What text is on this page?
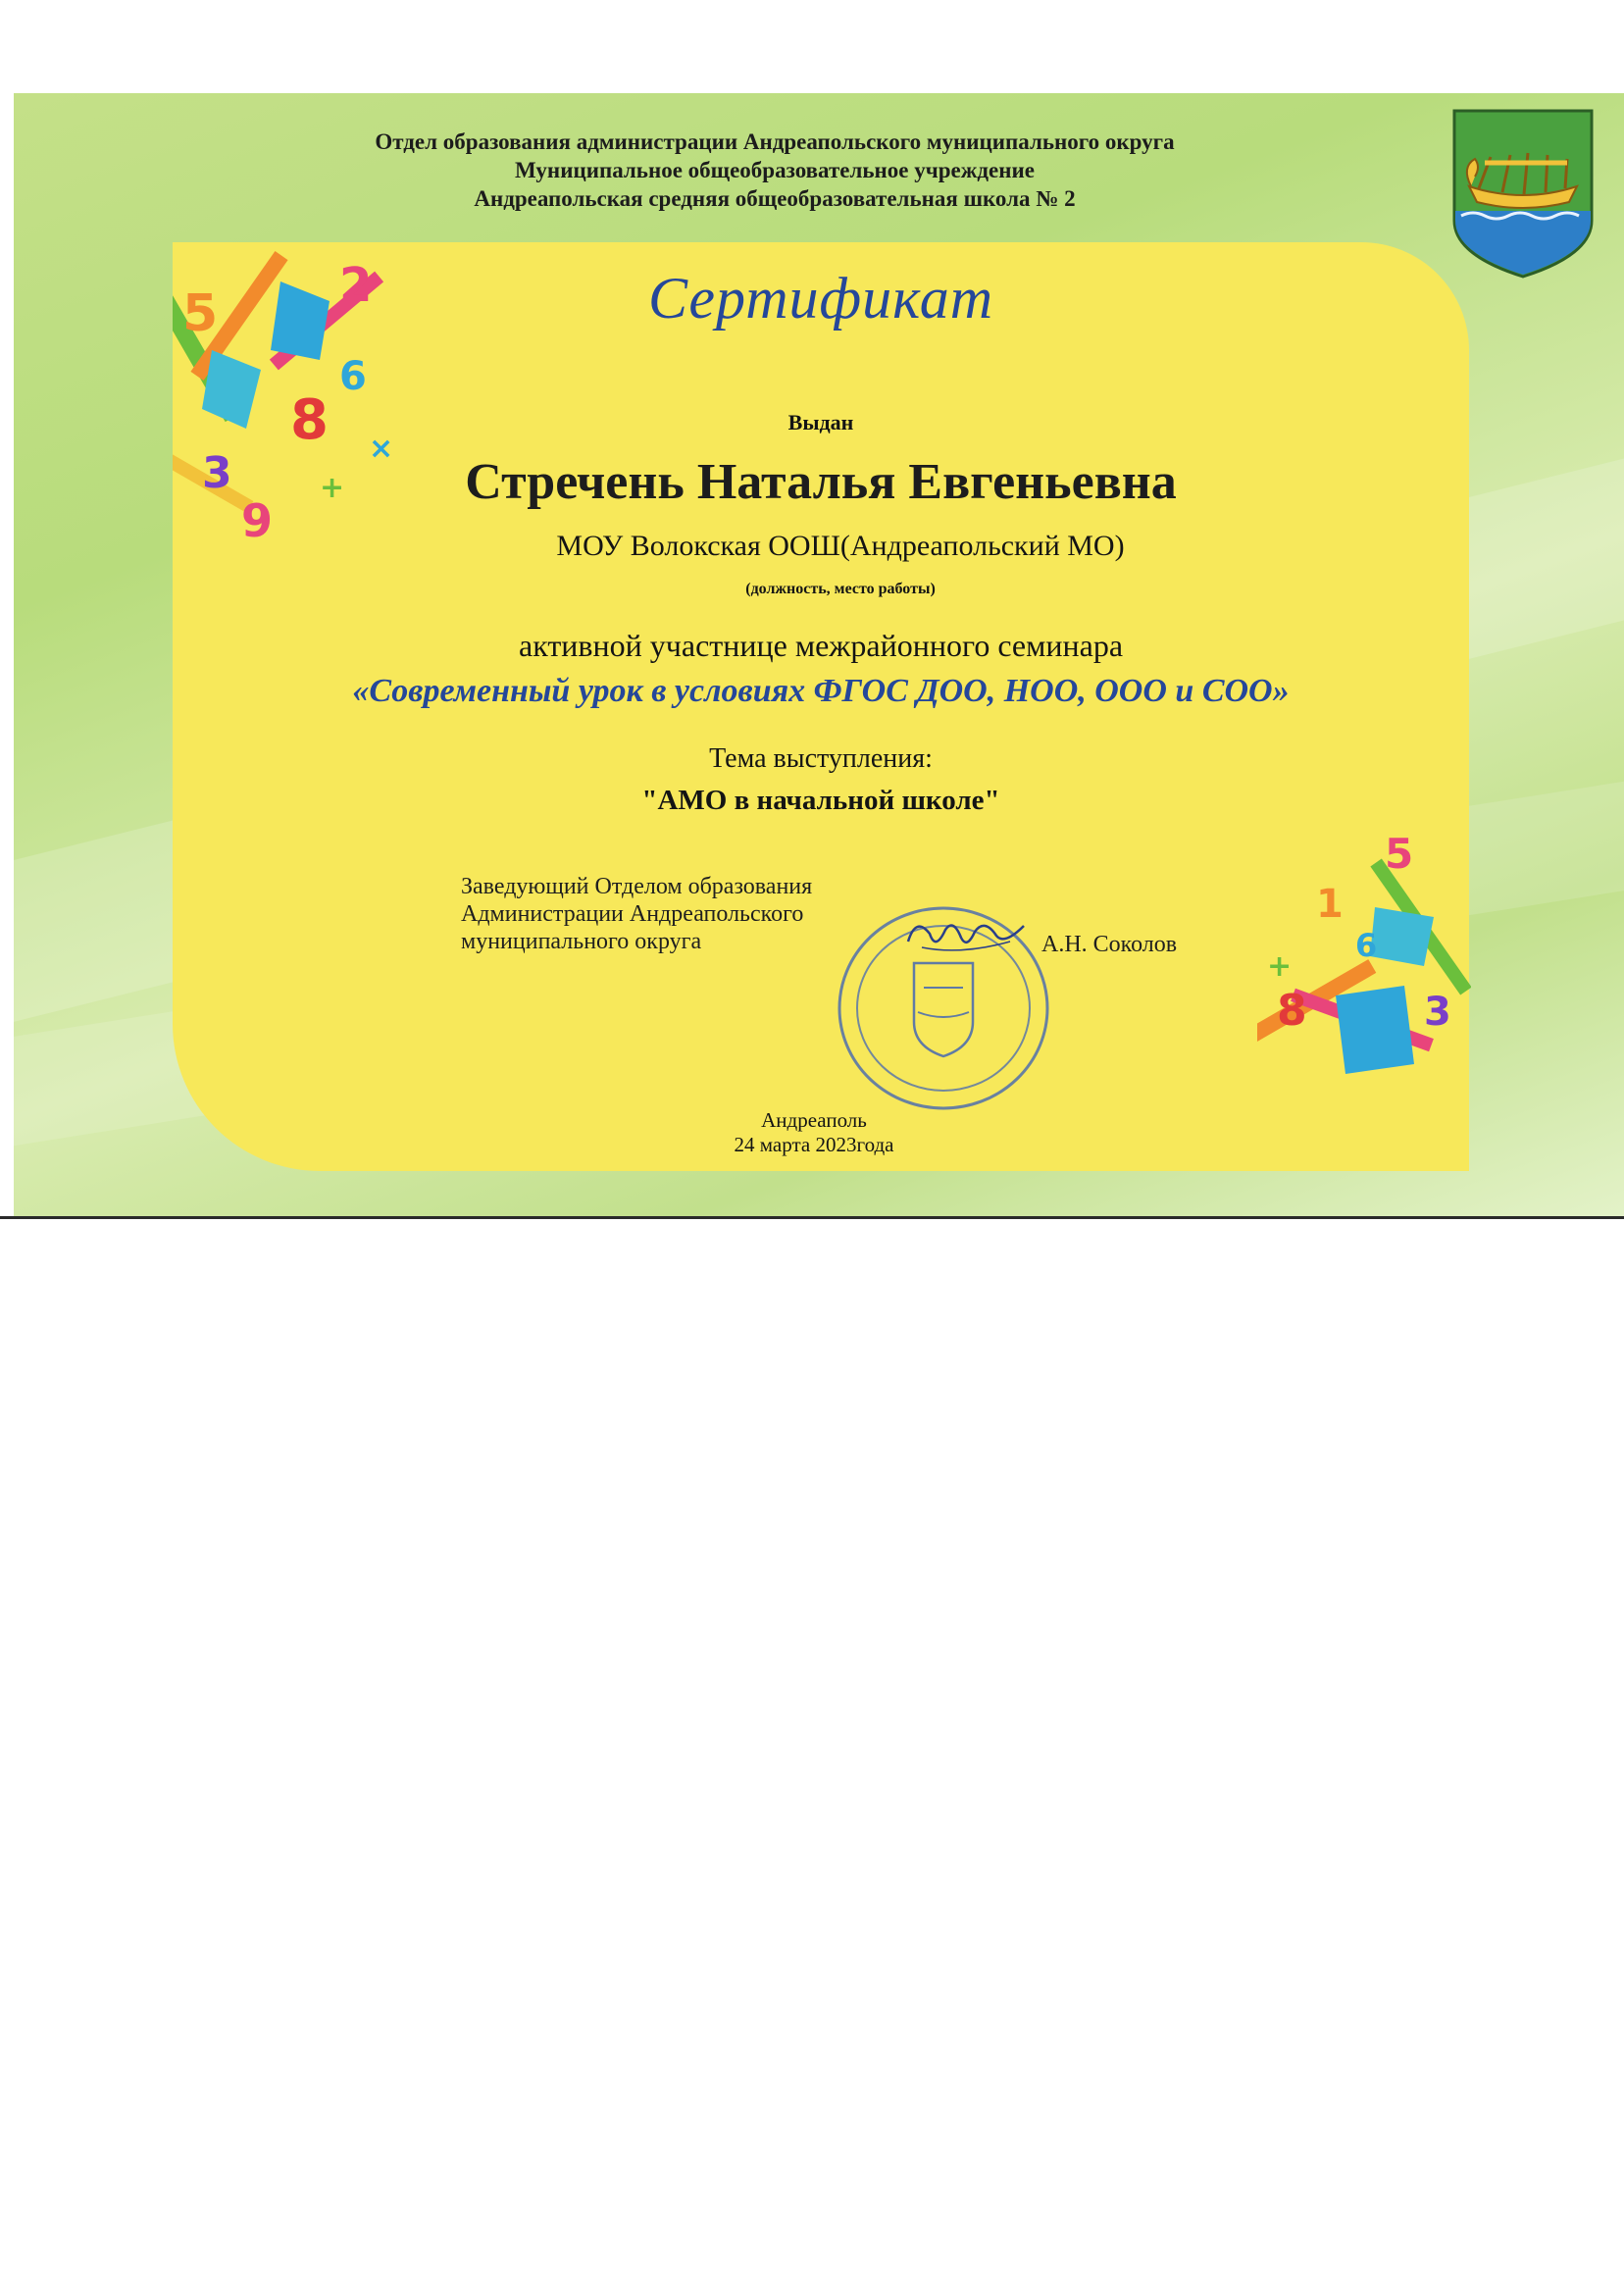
Отдел образования администрации Андреапольского муниципального округа
Муниципальное общеобразовательное учреждение
Андреапольская средняя общеобразовательная школа № 2
2
5
8
3
6
9
+
×
5
1
8	3
6
+
Сертификат
Выдан
Стречень Наталья Евгеньевна
МОУ Волокская ООШ(Андреапольский МО)
(должность, место работы)
активной участнице межрайонного семинара
«Современный урок в условиях ФГОС ДОО, НОО, ООО и СОО»
Тема выступления:
"АМО в начальной школе"
Заведующий Отделом образования
Администрации Андреапольского
муниципального округа	А.Н. Соколов
Андреаполь
24 марта 2023года
